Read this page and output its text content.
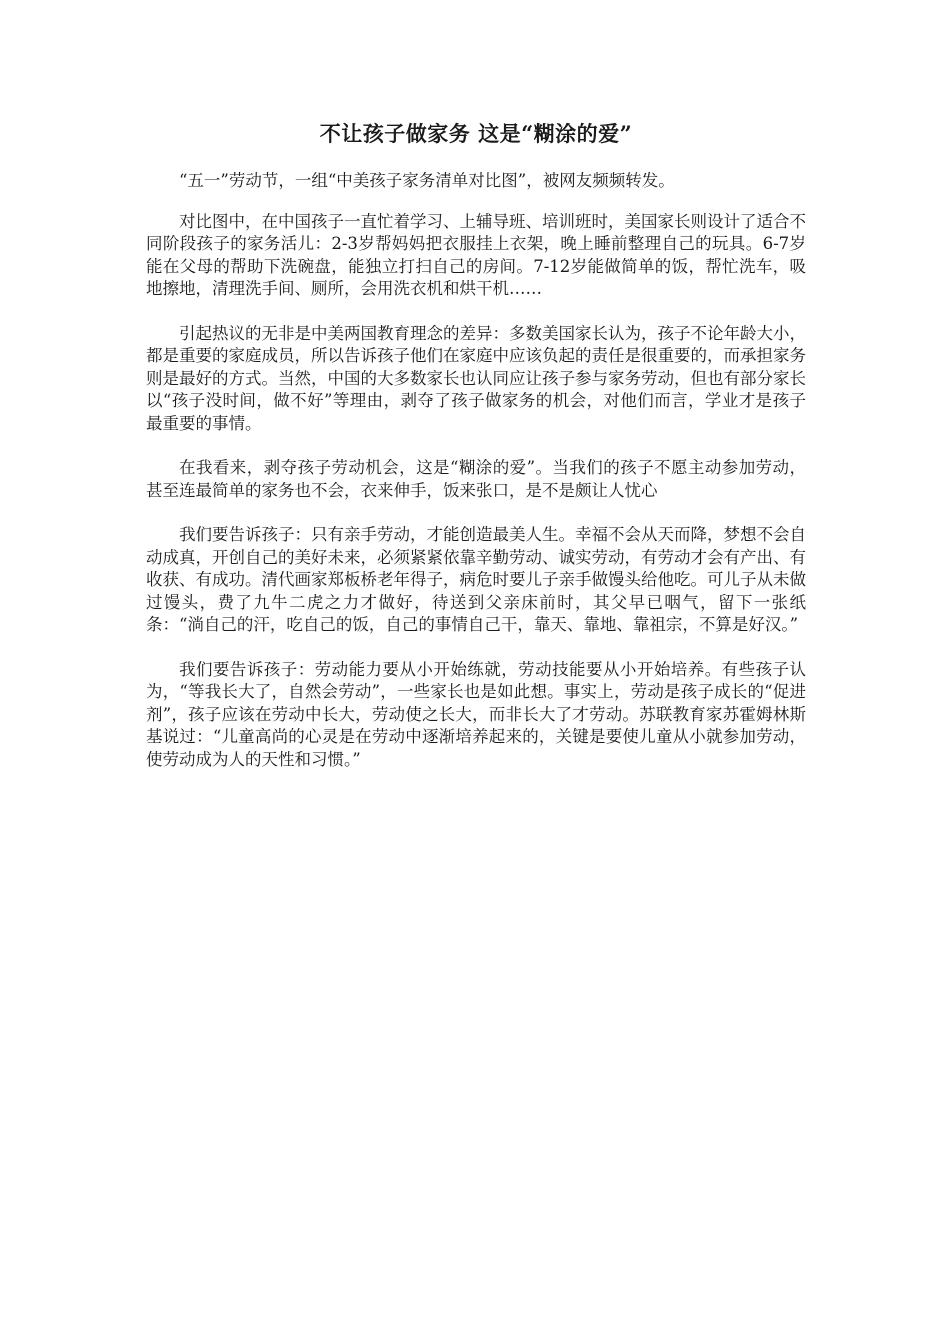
不让孩子做家务 这是“糊涂的爱”

“五一”劳动节，一组“中美孩子家务清单对比图”，被网友频频转发。

对比图中，在中国孩子一直忙着学习、上辅导班、培训班时，美国家长则设计了适合不同阶段孩子的家务活儿：2-3岁帮妈妈把衣服挂上衣架，晚上睡前整理自己的玩具。6-7岁能在父母的帮助下洗碗盘，能独立打扫自己的房间。7-12岁能做简单的饭，帮忙洗车，吸地擦地，清理洗手间、厕所，会用洗衣机和烘干机……

引起热议的无非是中美两国教育理念的差异：多数美国家长认为，孩子不论年龄大小，都是重要的家庭成员，所以告诉孩子他们在家庭中应该负起的责任是很重要的，而承担家务则是最好的方式。当然，中国的大多数家长也认同应让孩子参与家务劳动，但也有部分家长以“孩子没时间，做不好”等理由，剥夺了孩子做家务的机会，对他们而言，学业才是孩子最重要的事情。

在我看来，剥夺孩子劳动机会，这是“糊涂的爱”。当我们的孩子不愿主动参加劳动，甚至连最简单的家务也不会，衣来伸手，饭来张口，是不是颇让人忧心

我们要告诉孩子：只有亲手劳动，才能创造最美人生。幸福不会从天而降，梦想不会自动成真，开创自己的美好未来，必须紧紧依靠辛勤劳动、诚实劳动，有劳动才会有产出、有收获、有成功。清代画家郑板桥老年得子，病危时要儿子亲手做馒头给他吃。可儿子从未做过馒头，费了九牛二虎之力才做好，待送到父亲床前时，其父早已咽气，留下一张纸条：“淌自己的汗，吃自己的饭，自己的事情自己干，靠天、靠地、靠祖宗，不算是好汉。”

我们要告诉孩子：劳动能力要从小开始练就，劳动技能要从小开始培养。有些孩子认为，“等我长大了，自然会劳动”，一些家长也是如此想。事实上，劳动是孩子成长的“促进剂”，孩子应该在劳动中长大，劳动使之长大，而非长大了才劳动。苏联教育家苏霍姆林斯基说过：“儿童高尚的心灵是在劳动中逐渐培养起来的，关键是要使儿童从小就参加劳动，使劳动成为人的天性和习惯。”
